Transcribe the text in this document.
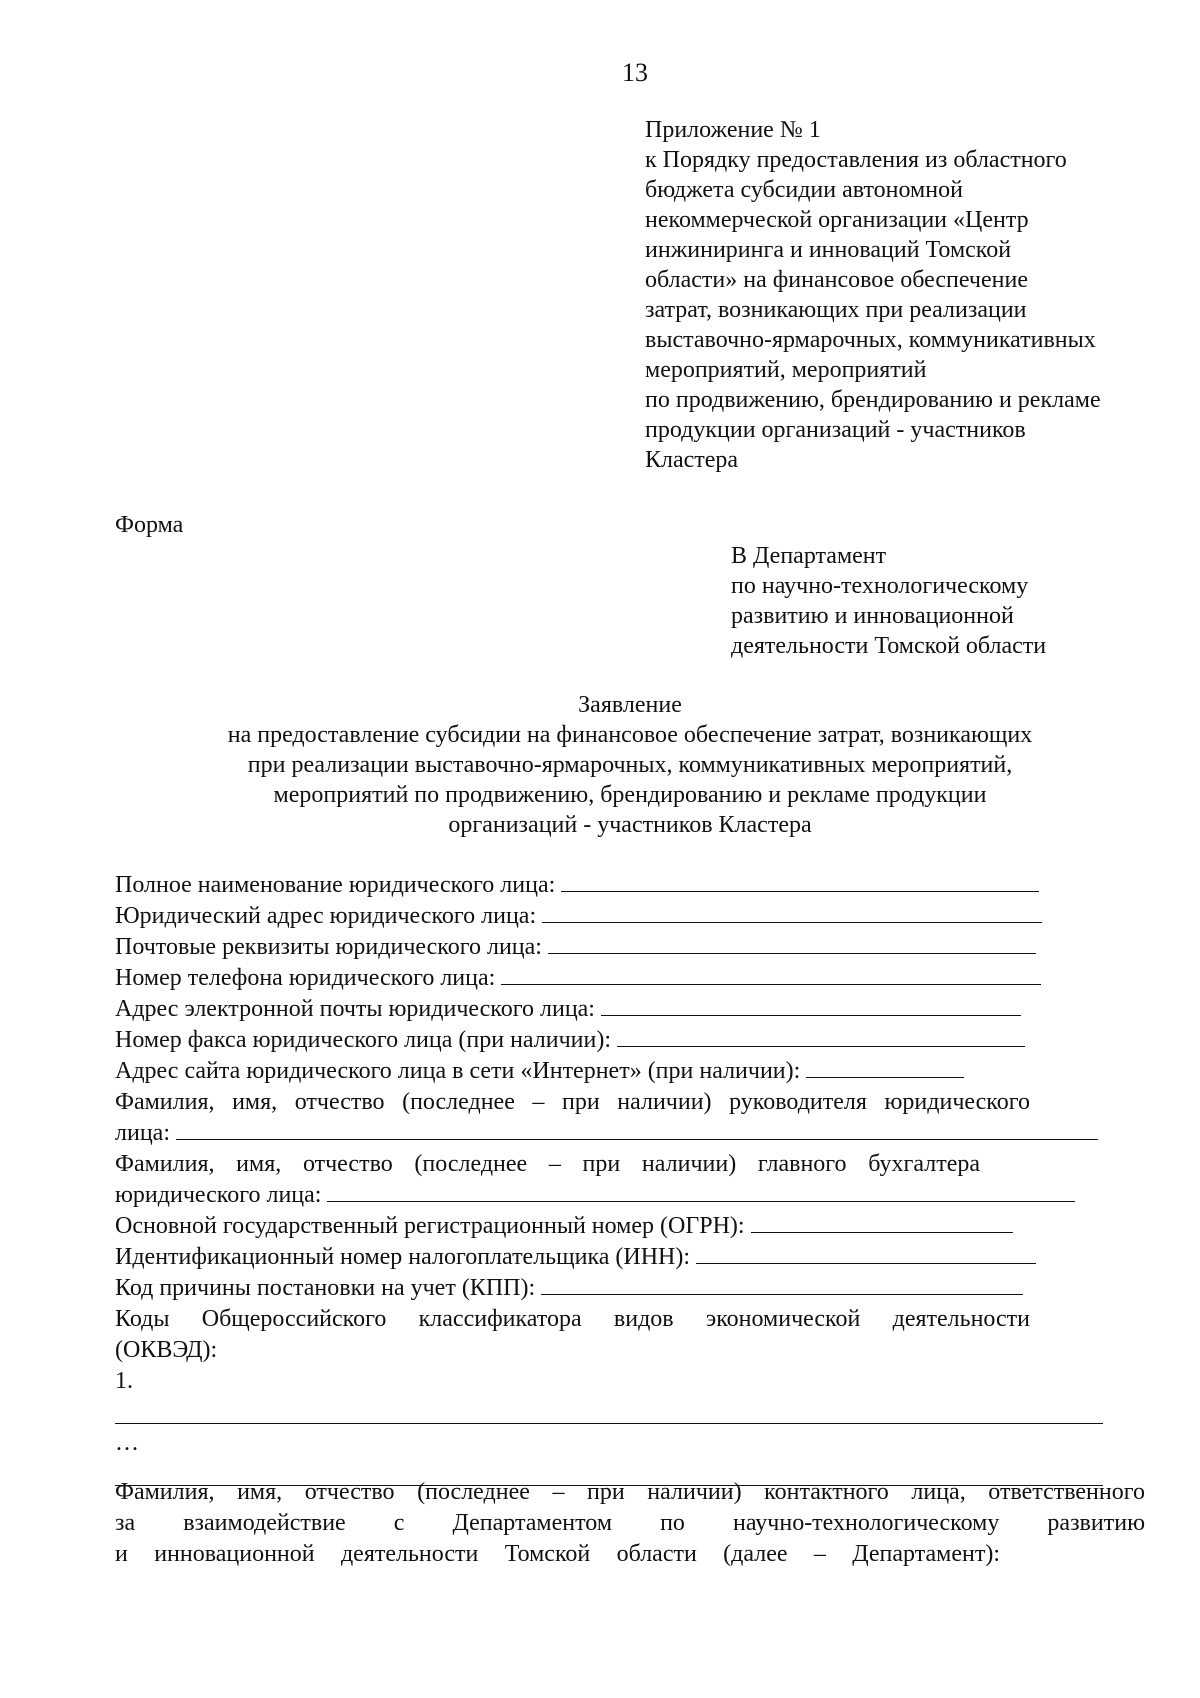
13
Приложение № 1
к Порядку предоставления из областного
бюджета субсидии автономной
некоммерческой организации «Центр
инжиниринга и инноваций Томской
области» на финансовое обеспечение
затрат, возникающих при реализации
выставочно-ярмарочных, коммуникативных
мероприятий, мероприятий
по продвижению, брендированию и рекламе
продукции организаций - участников
Кластера
Форма
В Департамент
по научно-технологическому
развитию и инновационной
деятельности Томской области
Заявление
на предоставление субсидии на финансовое обеспечение затрат, возникающих
при реализации выставочно-ярмарочных, коммуникативных мероприятий,
мероприятий по продвижению, брендированию и рекламе продукции
организаций - участников Кластера
Полное наименование юридического лица:
Юридический адрес юридического лица:
Почтовые реквизиты юридического лица:
Номер телефона юридического лица:
Адрес электронной почты юридического лица:
Номер факса юридического лица (при наличии):
Адрес сайта юридического лица в сети «Интернет» (при наличии):
Фамилия, имя, отчество (последнее – при наличии) руководителя юридического
лица:
Фамилия, имя, отчество (последнее – при наличии) главного бухгалтера
юридического лица:
Основной государственный регистрационный номер (ОГРН):
Идентификационный номер налогоплательщика (ИНН):
Код причины постановки на учет (КПП):
Коды Общероссийского классификатора видов экономической деятельности
(ОКВЭД):
1.
…
Фамилия, имя, отчество (последнее – при наличии) контактного лица, ответственного
за взаимодействие с Департаментом по научно-технологическому развитию
и инновационной деятельности Томской области (далее – Департамент):
